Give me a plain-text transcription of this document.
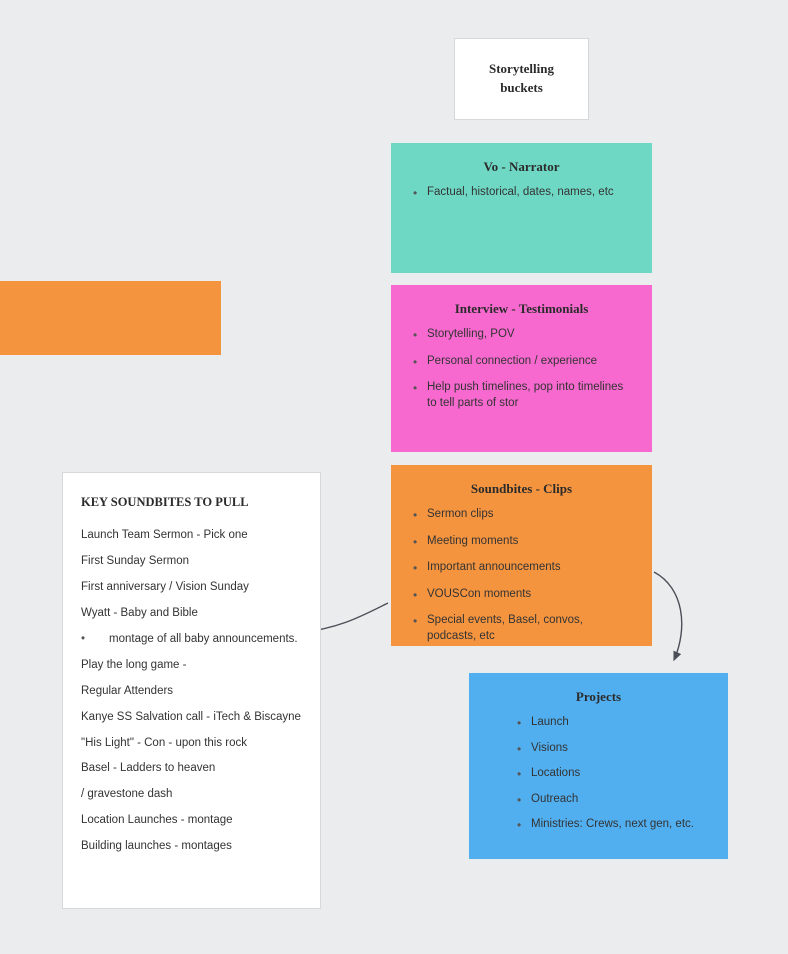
Storytelling
buckets
Vo - Narrator
• Factual, historical, dates, names, etc
Interview - Testimonials
• Storytelling, POV
• Personal connection / experience
• Help push timelines, pop into timelines to tell parts of stor
Soundbites - Clips
• Sermon clips
• Meeting moments
• Important announcements
• VOUSCon moments
• Special events, Basel, convos, podcasts, etc
Projects
• Launch
• Visions
• Locations
• Outreach
• Ministries: Crews, next gen, etc.
KEY SOUNDBITES TO PULL
Launch Team Sermon - Pick one
First Sunday Sermon
First anniversary / Vision Sunday
Wyatt - Baby and Bible
• montage of all baby announcements.
Play the long game -
Regular Attenders
Kanye SS Salvation call - iTech & Biscayne
"His Light" - Con - upon this rock
Basel - Ladders to heaven
/ gravestone dash
Location Launches - montage
Building launches - montages
